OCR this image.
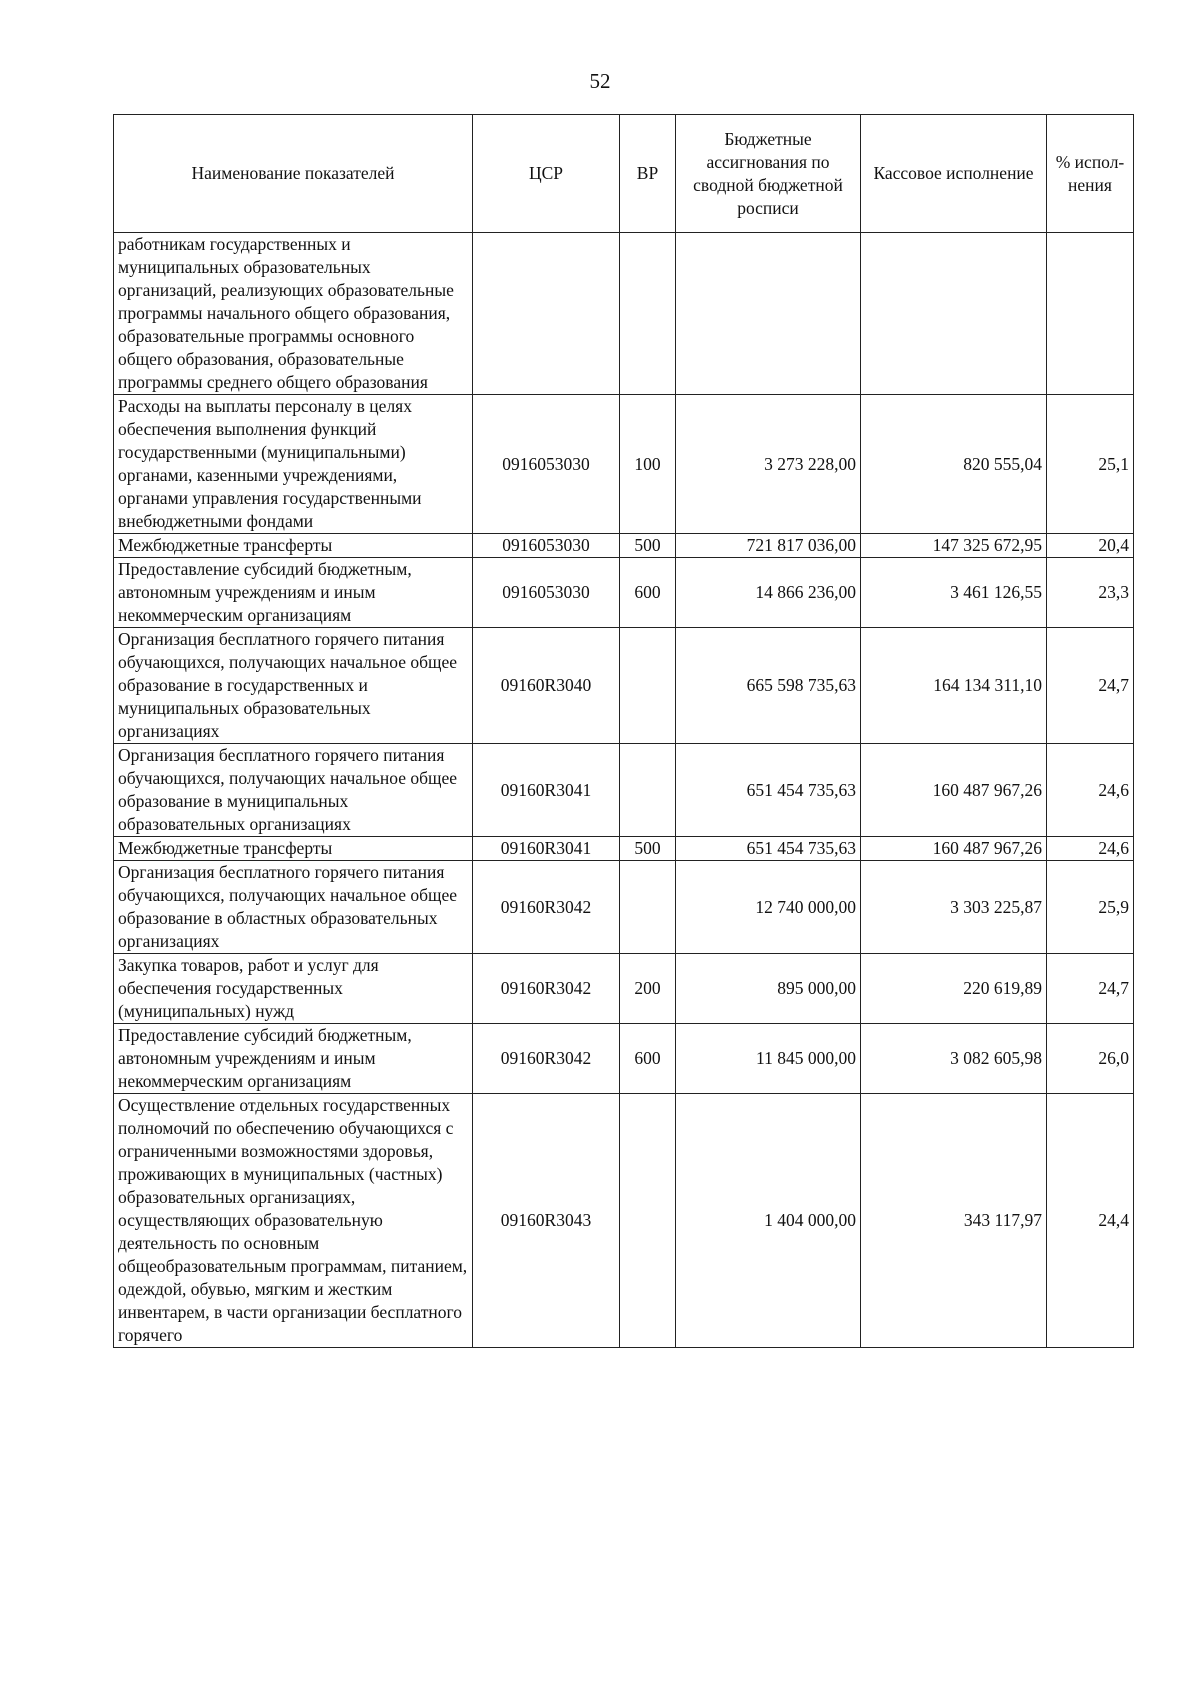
52
Наименование показателей	ЦСР	ВР	Бюджетные ассигнования по сводной бюджетной росписи	Кассовое исполнение	% испол-нения
работникам государственных и муниципальных образовательных организаций, реализующих образовательные программы начального общего образования, образовательные программы основного общего образования, образовательные программы среднего общего образования					
Расходы на выплаты персоналу в целях обеспечения выполнения функций государственными (муниципальными) органами, казенными учреждениями, органами управления государственными внебюджетными фондами	0916053030	100	3 273 228,00	820 555,04	25,1
Межбюджетные трансферты	0916053030	500	721 817 036,00	147 325 672,95	20,4
Предоставление субсидий бюджетным, автономным учреждениям и иным некоммерческим организациям	0916053030	600	14 866 236,00	3 461 126,55	23,3
Организация бесплатного горячего питания обучающихся, получающих начальное общее образование в государственных и муниципальных образовательных организациях	09160R3040		665 598 735,63	164 134 311,10	24,7
Организация бесплатного горячего питания обучающихся, получающих начальное общее образование в муниципальных образовательных организациях	09160R3041		651 454 735,63	160 487 967,26	24,6
Межбюджетные трансферты	09160R3041	500	651 454 735,63	160 487 967,26	24,6
Организация бесплатного горячего питания обучающихся, получающих начальное общее образование в областных образовательных организациях	09160R3042		12 740 000,00	3 303 225,87	25,9
Закупка товаров, работ и услуг для обеспечения государственных (муниципальных) нужд	09160R3042	200	895 000,00	220 619,89	24,7
Предоставление субсидий бюджетным, автономным учреждениям и иным некоммерческим организациям	09160R3042	600	11 845 000,00	3 082 605,98	26,0
Осуществление отдельных государственных полномочий по обеспечению обучающихся с ограниченными возможностями здоровья, проживающих в муниципальных (частных) образовательных организациях, осуществляющих образовательную деятельность по основным общеобразовательным программам, питанием, одеждой, обувью, мягким и жестким инвентарем, в части организации бесплатного горячего	09160R3043		1 404 000,00	343 117,97	24,4
